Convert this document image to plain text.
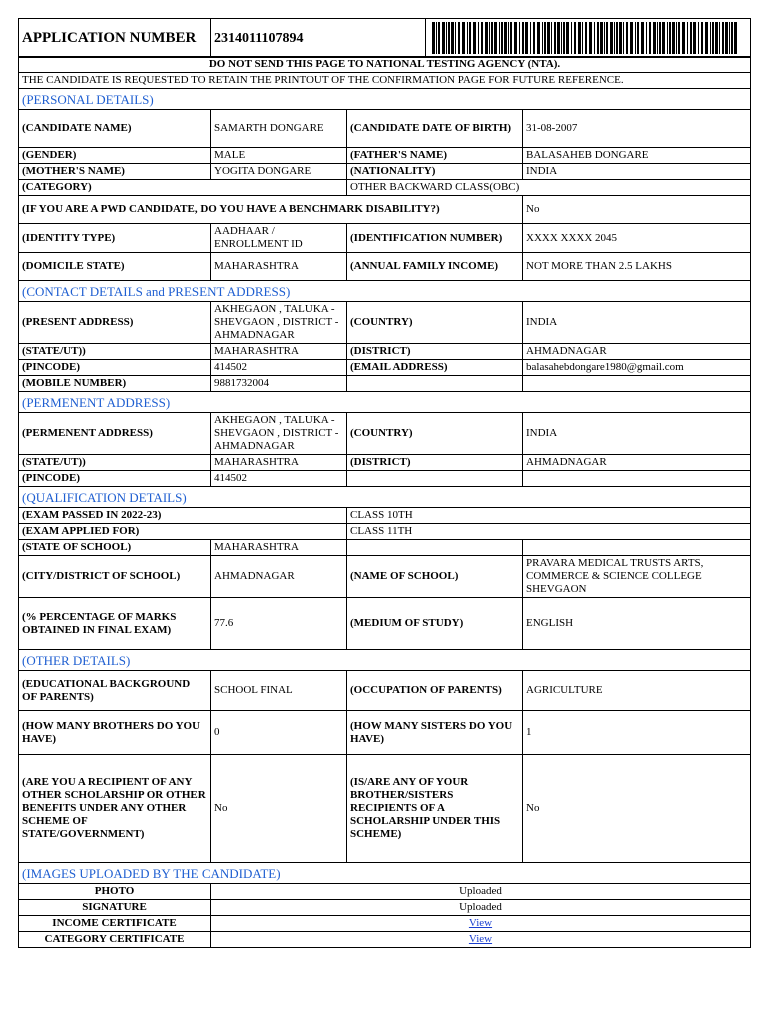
APPLICATION NUMBER	2314011107894	
DO NOT SEND THIS PAGE TO NATIONAL TESTING AGENCY (NTA).			
THE CANDIDATE IS REQUESTED TO RETAIN THE PRINTOUT OF THE CONFIRMATION PAGE FOR FUTURE REFERENCE.			
(PERSONAL DETAILS)			
(CANDIDATE NAME)	SAMARTH DONGARE	(CANDIDATE DATE OF BIRTH)	31-08-2007
(GENDER)	MALE	(FATHER'S NAME)	BALASAHEB DONGARE
(MOTHER'S NAME)	YOGITA DONGARE	(NATIONALITY)	INDIA
(CATEGORY)		OTHER BACKWARD CLASS(OBC)	
(IF YOU ARE A PWD CANDIDATE, DO YOU HAVE A BENCHMARK DISABILITY?)			No
(IDENTITY TYPE)	AADHAAR / ENROLLMENT ID	(IDENTIFICATION NUMBER)	XXXX XXXX 2045
(DOMICILE STATE)	MAHARASHTRA	(ANNUAL FAMILY INCOME)	NOT MORE THAN 2.5 LAKHS
(CONTACT DETAILS and PRESENT ADDRESS)			
(PRESENT ADDRESS)	AKHEGAON , TALUKA - SHEVGAON , DISTRICT - AHMADNAGAR	(COUNTRY)	INDIA
(STATE/UT))	MAHARASHTRA	(DISTRICT)	AHMADNAGAR
(PINCODE)	414502	(EMAIL ADDRESS)	balasahebdongare1980@gmail.com
(MOBILE NUMBER)	9881732004		
(PERMENENT ADDRESS)			
(PERMENENT ADDRESS)	AKHEGAON , TALUKA - SHEVGAON , DISTRICT - AHMADNAGAR	(COUNTRY)	INDIA
(STATE/UT))	MAHARASHTRA	(DISTRICT)	AHMADNAGAR
(PINCODE)	414502		
(QUALIFICATION DETAILS)			
(EXAM PASSED IN 2022-23)		CLASS 10TH	
(EXAM APPLIED FOR)		CLASS 11TH	
(STATE OF SCHOOL)	MAHARASHTRA		
(CITY/DISTRICT OF SCHOOL)	AHMADNAGAR	(NAME OF SCHOOL)	PRAVARA MEDICAL TRUSTS ARTS, COMMERCE & SCIENCE COLLEGE SHEVGAON
(% PERCENTAGE OF MARKS OBTAINED IN FINAL EXAM)	77.6	(MEDIUM OF STUDY)	ENGLISH
(OTHER DETAILS)			
(EDUCATIONAL BACKGROUND OF PARENTS)	SCHOOL FINAL	(OCCUPATION OF PARENTS)	AGRICULTURE
(HOW MANY BROTHERS DO YOU HAVE)	0	(HOW MANY SISTERS DO YOU HAVE)	1
(ARE YOU A RECIPIENT OF ANY OTHER SCHOLARSHIP OR OTHER BENEFITS UNDER ANY OTHER SCHEME OF STATE/GOVERNMENT)	No	(IS/ARE ANY OF YOUR BROTHER/SISTERS RECIPIENTS OF A SCHOLARSHIP UNDER THIS SCHEME)	No
(IMAGES UPLOADED BY THE CANDIDATE)			
PHOTO	Uploaded		
SIGNATURE	Uploaded		
INCOME CERTIFICATE	View		
CATEGORY CERTIFICATE	View		
